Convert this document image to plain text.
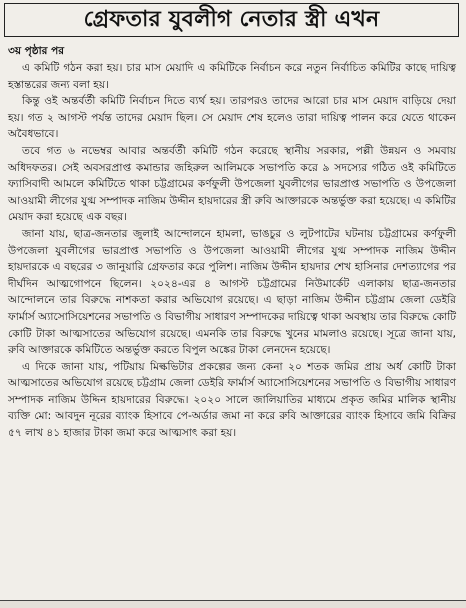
গ্রেফতার যুবলীগ নেতার স্ত্রী এখন
৩য় পৃষ্ঠার পর

এ কমিটি গঠন করা হয়। চার মাস মেয়াদি এ কমিটিকে নির্বাচন করে নতুন নির্বাচিত কমিটির কাছে দায়িত্ব হস্তান্তরের জন্য বলা হয়।

কিন্তু ওই অন্তর্বর্তী কমিটি নির্বাচন দিতে ব্যর্থ হয়। তারপরও তাদের আরো চার মাস মেয়াদ বাড়িয়ে দেয়া হয়। গত ২ আগস্ট পর্যন্ত তাদের মেয়াদ ছিল। সে মেয়াদ শেষ হলেও তারা দায়িত্ব পালন করে যেতে থাকেন অবৈধভাবে।

তবে গত ৬ নভেম্বর আবার অন্তর্বর্তী কমিটি গঠন করেছে স্থানীয় সরকার, পল্লী উন্নয়ন ও সমবায় অধিদফতর। সেই অবসরপ্রাপ্ত কমান্ডার জহিরুল আলিমকে সভাপতি করে ৯ সদস্যের গঠিত ওই কমিটিতে ফ্যাসিবাদী আমলে কমিটিতে থাকা চট্টগ্রামের কর্ণফুলী উপজেলা যুবলীগের ভারপ্রাপ্ত সভাপতি ও উপজেলা আওয়ামী লীগের যুগ্ম সম্পাদক নাজিম উদ্দীন হায়দারের স্ত্রী রুবি আক্তারকে অন্তর্ভুক্ত করা হয়েছে। এ কমিটির মেয়াদ করা হয়েছে এক বছর।

জানা যায়, ছাত্র-জনতার জুলাই আন্দোলনে হামলা, ভাঙচুর ও লুটপাটের ঘটনায় চট্টগ্রামের কর্ণফুলী উপজেলা যুবলীগের ভারপ্রাপ্ত সভাপতি ও উপজেলা আওয়ামী লীগের যুগ্ম সম্পাদক নাজিম উদ্দীন হায়দারকে এ বছরের ৩ জানুয়ারি গ্রেফতার করে পুলিশ। নাজিম উদ্দীন হায়দার শেখ হাসিনার দেশত্যাগের পর দীর্ঘদিন আত্মগোপনে ছিলেন। ২০২৪-এর ৪ আগস্ট চট্টগ্রামের নিউমার্কেট এলাকায় ছাত্র-জনতার আন্দোলনে তার বিরুদ্ধে নাশকতা করার অভিযোগ রয়েছে। এ ছাড়া নাজিম উদ্দীন চট্টগ্রাম জেলা ডেইরি ফার্মার্স অ্যাসোসিয়েশনের সভাপতি ও বিভাগীয় সাধারণ সম্পাদকের দায়িত্বে থাকা অবস্থায় তার বিরুদ্ধে কোটি কোটি টাকা আত্মসাতের অভিযোগ রয়েছে। এমনকি তার বিরুদ্ধে খুনের মামলাও রয়েছে। সূত্রে জানা যায়, রুবি আক্তারকে কমিটিতে অন্তর্ভুক্ত করতে বিপুল অঙ্কের টাকা লেনদেন হয়েছে।

এ দিকে জানা যায়, পটিয়ায় মিল্কভিটার প্রকল্পের জন্য কেনা ২০ শতক জমির প্রায় অর্ধ কোটি টাকা আত্মসাতের অভিযোগ রয়েছে চট্টগ্রাম জেলা ডেইরি ফার্মার্স অ্যাসোসিয়েশনের সভাপতি ও বিভাগীয় সাধারণ সম্পাদক নাজিম উদ্দিন হায়দারের বিরুদ্ধে। ২০২০ সালে জালিয়াতির মাধ্যমে প্রকৃত জমির মালিক স্থানীয় ব্যক্তি মো: আবদুন নূরের ব্যাংক হিসাবে পে-অর্ডার জমা না করে রুবি আক্তারের ব্যাংক হিসাবে জমি বিক্রির ৫৭ লাখ ৪১ হাজার টাকা জমা করে আত্মসাৎ করা হয়।
